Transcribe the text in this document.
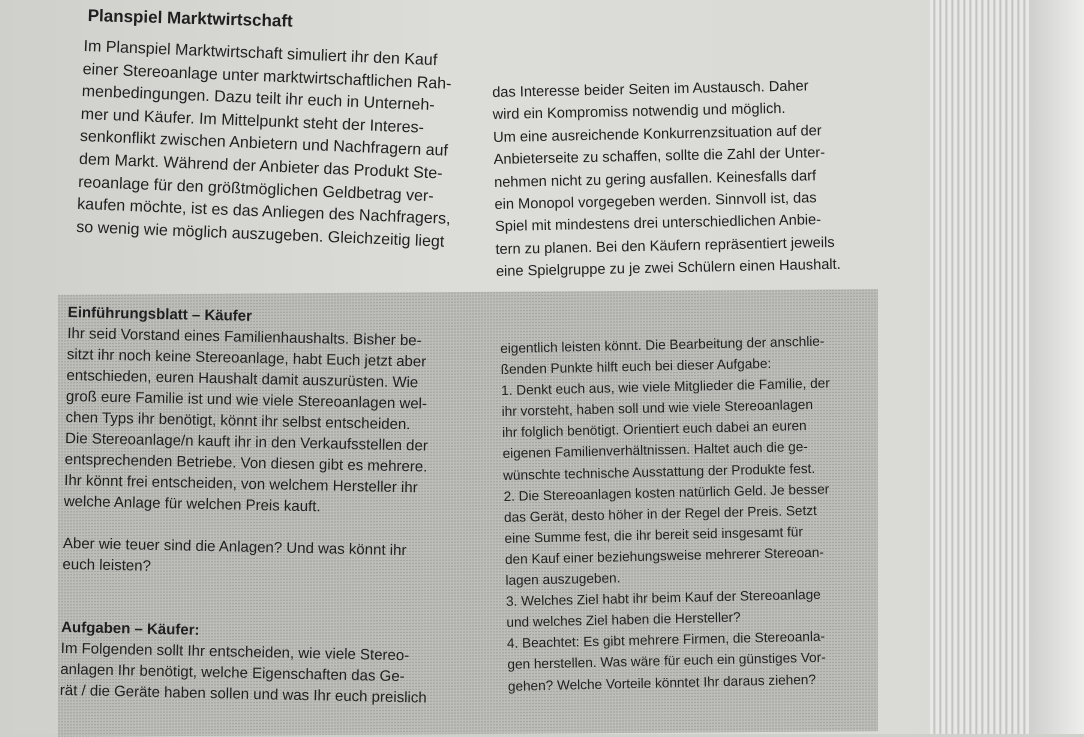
Planspiel Marktwirtschaft
Im Planspiel Marktwirtschaft simuliert ihr den Kauf
einer Stereoanlage unter marktwirtschaftlichen Rah-
menbedingungen. Dazu teilt ihr euch in Unterneh-
mer und Käufer. Im Mittelpunkt steht der Interes-
senkonflikt zwischen Anbietern und Nachfragern auf
dem Markt. Während der Anbieter das Produkt Ste-
reoanlage für den größtmöglichen Geldbetrag ver-
kaufen möchte, ist es das Anliegen des Nachfragers,
so wenig wie möglich auszugeben. Gleichzeitig liegt
das Interesse beider Seiten im Austausch. Daher
wird ein Kompromiss notwendig und möglich.
Um eine ausreichende Konkurrenzsituation auf der
Anbieterseite zu schaffen, sollte die Zahl der Unter-
nehmen nicht zu gering ausfallen. Keinesfalls darf
ein Monopol vorgegeben werden. Sinnvoll ist, das
Spiel mit mindestens drei unterschiedlichen Anbie-
tern zu planen. Bei den Käufern repräsentiert jeweils
eine Spielgruppe zu je zwei Schülern einen Haushalt.
Einführungsblatt – Käufer
Ihr seid Vorstand eines Familienhaushalts. Bisher be-
sitzt ihr noch keine Stereoanlage, habt Euch jetzt aber
entschieden, euren Haushalt damit auszurüsten. Wie
groß eure Familie ist und wie viele Stereoanlagen wel-
chen Typs ihr benötigt, könnt ihr selbst entscheiden.
Die Stereoanlage/n kauft ihr in den Verkaufsstellen der
entsprechenden Betriebe. Von diesen gibt es mehrere.
Ihr könnt frei entscheiden, von welchem Hersteller ihr
welche Anlage für welchen Preis kauft.
Aber wie teuer sind die Anlagen? Und was könnt ihr
euch leisten?
Aufgaben – Käufer:
Im Folgenden sollt Ihr entscheiden, wie viele Stereo-
anlagen Ihr benötigt, welche Eigenschaften das Ge-
rät / die Geräte haben sollen und was Ihr euch preislich
eigentlich leisten könnt. Die Bearbeitung der anschlie-
ßenden Punkte hilft euch bei dieser Aufgabe:
1. Denkt euch aus, wie viele Mitglieder die Familie, der
ihr vorsteht, haben soll und wie viele Stereoanlagen
ihr folglich benötigt. Orientiert euch dabei an euren
eigenen Familienverhältnissen. Haltet auch die ge-
wünschte technische Ausstattung der Produkte fest.
2. Die Stereoanlagen kosten natürlich Geld. Je besser
das Gerät, desto höher in der Regel der Preis. Setzt
eine Summe fest, die ihr bereit seid insgesamt für
den Kauf einer beziehungsweise mehrerer Stereoan-
lagen auszugeben.
3. Welches Ziel habt ihr beim Kauf der Stereoanlage
und welches Ziel haben die Hersteller?
4. Beachtet: Es gibt mehrere Firmen, die Stereoanla-
gen herstellen. Was wäre für euch ein günstiges Vor-
gehen? Welche Vorteile könntet Ihr daraus ziehen?
